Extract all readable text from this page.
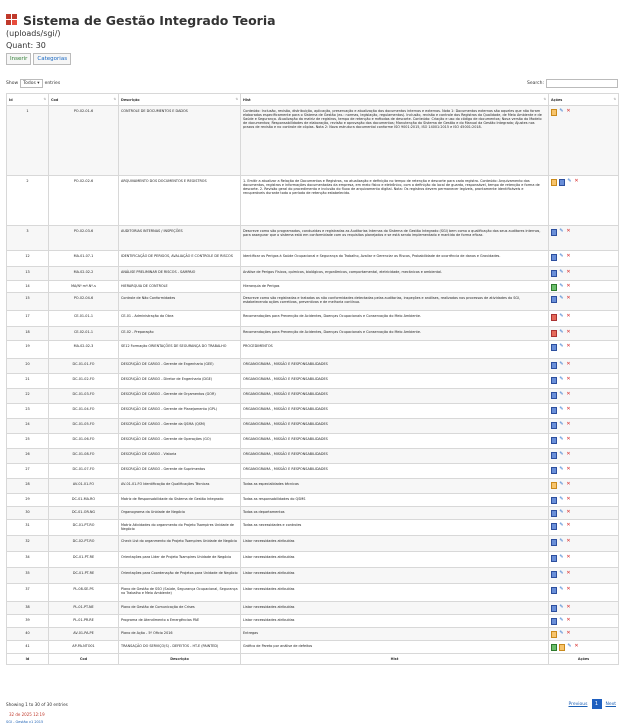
Sistema de Gestão Integrado Teoria
(uploads/sgi/)
Quant: 30
Inserir	Categorias
Show	Todos ▾	entries	Search:
Id ⇅	Cod ⇅	Descrição ⇅	Hist ⇅	Ações ⇅

1	PO-02-01-6	CONTROLE DE DOCUMENTOS E DADOS	Conteúdo: Inclusão, revisão, distribuição, aplicação, preservação e atualização dos documentos internos e externos. Nota 1: Documentos externos são aqueles que não foram elaborados especificamente para o Sistema de Gestão (ex.: normas, legislação, regulamentos). Inclusão, revisão e controle dos Registros da Qualidade, de Meio Ambiente e de Saúde e Segurança. Atualização da matriz de registros, tempo de retenção e métodos de descarte. Conteúdo: Criação e uso do código de documentos; Nova versão do Modelo de documentos; Responsabilidades de elaboração, revisão e aprovação dos documentos; Manutenção do Sistema de Gestão e do Manual da Gestão Integrada; Ajustes nos prazos de revisão e no controle de cópias. Nota 2: Nova estrutura documental conforme ISO 9001:2015, ISO 14001:2015 e ISO 45001:2018.	✎ ✕

2	PO-02-02-6	ARQUIVAMENTO DOS DOCUMENTOS E REGISTROS	1. Emitir a atualizar a Relação de Documentos e Registros, na atualização e definição no tempo de retenção e descarte para cada registro. Conteúdo: Arquivamento dos documentos, registros e informações documentadas da empresa, em meio físico e eletrônico, com a definição do local de guarda, responsável, tempo de retenção e forma de descarte. 2. Revisão geral do procedimento e inclusão do fluxo de arquivamento digital. Nota: Os registros devem permanecer legíveis, prontamente identificáveis e recuperáveis durante todo o período de retenção estabelecido.	✎ ✕

3	PO-02-03-6	AUDITORIAS INTERNAS / INSPEÇÕES	Descreve como são programadas, conduzidas e registradas as Auditorias Internas do Sistema de Gestão Integrado (SGI) bem como a qualificação dos seus auditores internos, para assegurar que o sistema está em conformidade com os requisitos planejados e se está sendo implementado e mantido de forma eficaz.	✎ ✕

12	MA-01-07-1	IDENTIFICAÇÃO DE PERIGOS, AVALIAÇÃO E CONTROLE DE RISCOS	Identificar os Perigos à Saúde Ocupacional e Segurança do Trabalho, Avaliar e Gerenciar os Riscos, Probabilidade de ocorrência de danos e Gravidades.	✎ ✕

13	MA-02-02-2	ANÁLISE PRELIMINAR DE RISCOS - SAMPAIO	Análise de Perigos Físicos, químicos, biológicos, ergonômicos, comportamental, eletricidade, mecânicos e ambiental.	✎ ✕

14	MA/Nº mª-Nº-s	HIERARQUIA DE CONTROLE	Hierarquia de Perigos	✎ ✕

15	PO-02-04-6	Controle de Não Conformidades	Descreve como são registradas e tratadas as não conformidades detectadas pelas auditorias, inspeções e análises, realizadas nos processos de atividades do SGI, estabelecendo ações corretivas, preventivas e de melhoria contínua.	✎ ✕

17	CE-01-01-1	CE-01 - Administração da Obra	Recomendações para Prevenção de Acidentes, Doenças Ocupacionais e Conservação do Meio Ambiente.	✎ ✕

18	CE-02-01-1	CE-02 - Preparação	Recomendações para Prevenção de Acidentes, Doenças Ocupacionais e Conservação do Meio Ambiente.	✎ ✕

19	MA-02-02-3	SE12 Formação ORIENTAÇÕES DE SEGURANÇA DO TRABALHO	PROCEDIMENTOS	✎ ✕

20	DC-01-01-FO	DESCRIÇÃO DE CARGO - Gerente de Engenharia (GEE)	ORGANOGRAMA , MISSÃO E RESPONSABILIDADES	✎ ✕

21	DC-01-02-FO	DESCRIÇÃO DE CARGO - Diretor de Engenharia (DGE)	ORGANOGRAMA , MISSÃO E RESPONSABILIDADES	✎ ✕

22	DC-01-03-FO	DESCRIÇÃO DE CARGO - Gerente de Orçamentos (GOR)	ORGANOGRAMA , MISSÃO E RESPONSABILIDADES	✎ ✕

23	DC-01-04-FO	DESCRIÇÃO DE CARGO - Gerente de Planejamento (GPL)	ORGANOGRAMA , MISSÃO E RESPONSABILIDADES	✎ ✕

24	DC-01-05-FO	DESCRIÇÃO DE CARGO - Gerente da QSMA (QSM)	ORGANOGRAMA , MISSÃO E RESPONSABILIDADES	✎ ✕

25	DC-01-06-FO	DESCRIÇÃO DE CARGO - Gerente de Operações (GO)	ORGANOGRAMA , MISSÃO E RESPONSABILIDADES	✎ ✕

26	DC-01-08-FO	DESCRIÇÃO DE CARGO - Vistoria	ORGANOGRAMA , MISSÃO E RESPONSABILIDADES	✎ ✕

27	DC-01-07-FO	DESCRIÇÃO DE CARGO - Gerente de Suprimentos	ORGANOGRAMA , MISSÃO E RESPONSABILIDADES	✎ ✕

28	AV-01-01-FO	AV-01-01-FO Identificação de Qualificações Técnicas	Todas as especialidades técnicas	✎ ✕

29	DC-01-MA-RO	Matriz de Responsabilidade do Sistema de Gestão Integrado	Todas as responsabilidades do QSMS	✎ ✕

30	DC-01-OR-NG	Organograma da Unidade de Negócio	Todos os departamentos	✎ ✕

31	DC-01-PT-RO	Matriz Atividades do organmento do Projeto Tsampires Unidade de Negócio	Todas as necessidades e controles	✎ ✕

32	DC-02-PT-RO	Check List do organmento do Projeto Tsampires Unidade de Negócio	Listar necessidades atribuídas	✎ ✕

34	DC-01-PT-RE	Orientações para Líder de Projeto Tsampires Unidade de Negócio	Listar necessidades atribuídas	✎ ✕

35	DC-01-PT-RE	Orientações para Coordenação de Projetos para Unidade de Negócio	Listar necessidades atribuídas	✎ ✕

37	PL-08-SE-PS	Plano de Gestão de SSO (Saúde, Segurança Ocupacional, Segurança no Trabalho e Meio Ambiente)	Listar necessidades atribuídas	✎ ✕

38	PL-01-PT-NE	Plano de Gestão de Comunicação de Crises	Listar necessidades atribuídas	✎ ✕

39	PL-01-PR-RE	Programa de Atendimento a Emergências PAE	Listar necessidades atribuídas	✎ ✕

40	AV-01-PA-PE	Plano de Ação - 5º Oficio 2016	Entregas	✎ ✕

41	AP-PA-NTO01	TRANSAÇÃO DO SERVIÇO(S) - DEFEITOS - HT-E (PAINTED)	Gráfico de Pareto por análise de defeitos	✎ ✕

Id	Cod	Descrição	Hist	Ações
Showing 1 to 30 of 30 entries	Previous	1	Next
32 de 2025 12:19
SGI - Gestão v1 2015
